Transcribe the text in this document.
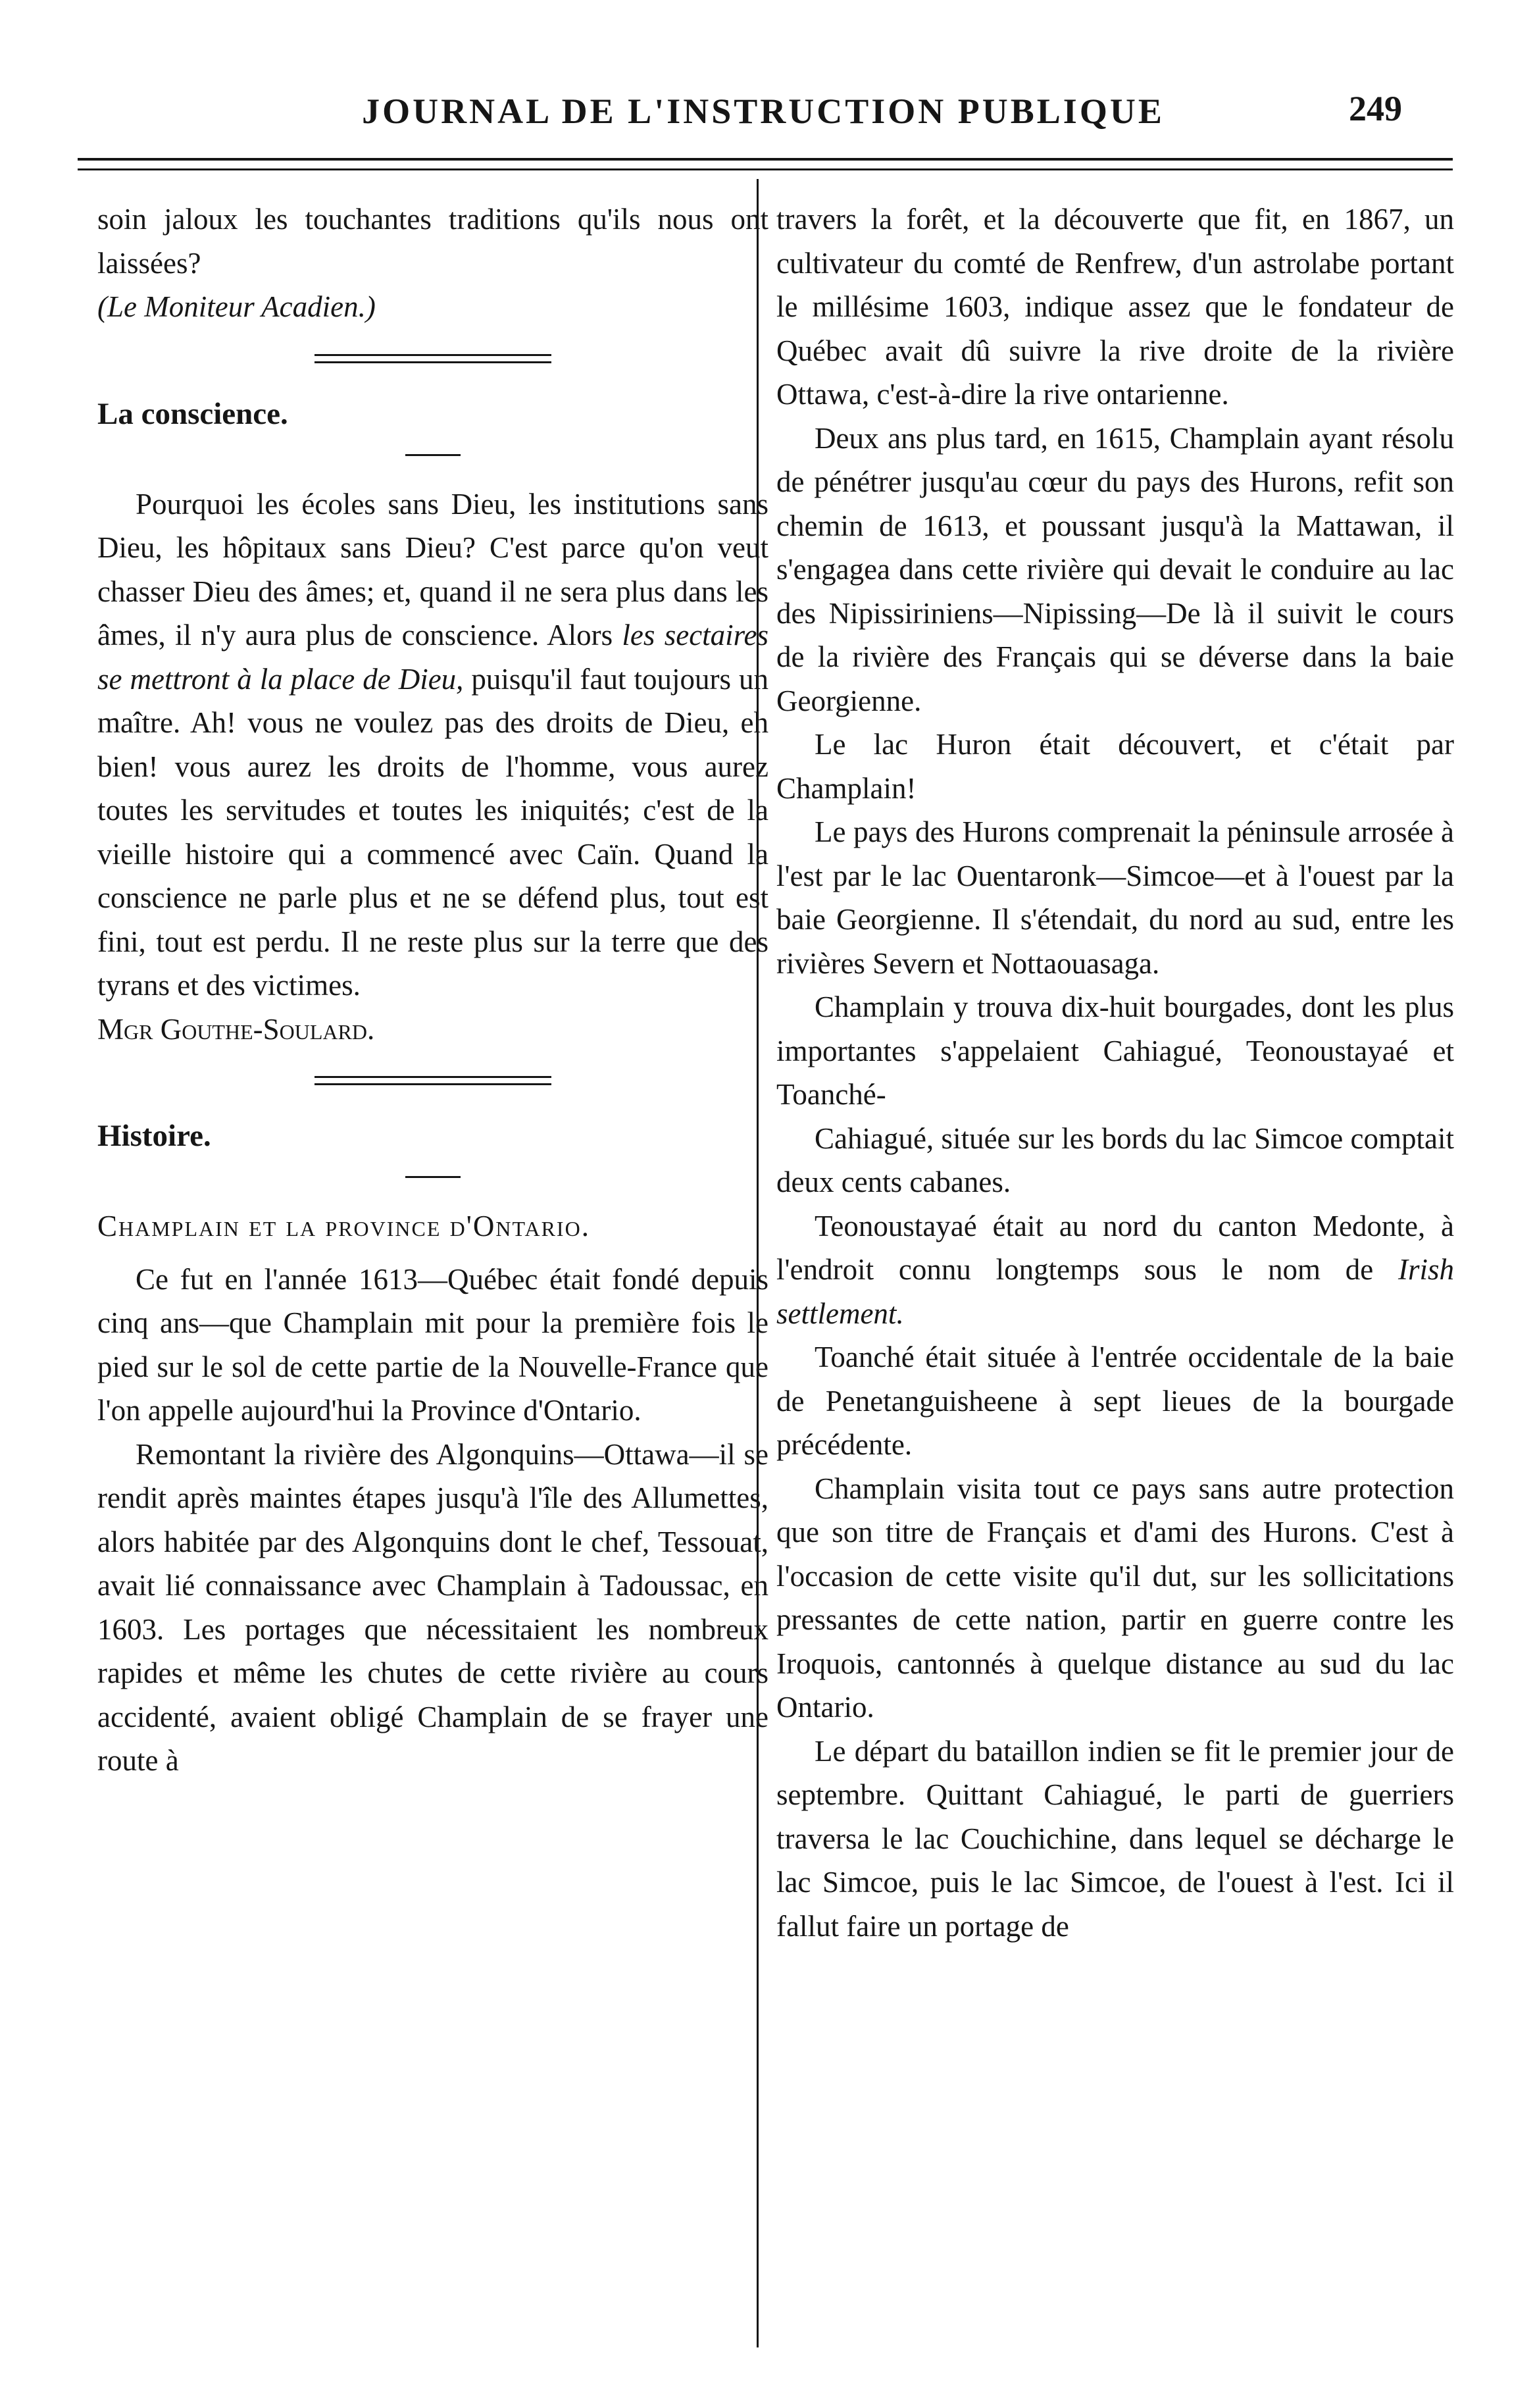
JOURNAL DE L'INSTRUCTION PUBLIQUE	249

soin jaloux les touchantes traditions qu'ils nous ont laissées?

(Le Moniteur Acadien.)

La conscience.

Pourquoi les écoles sans Dieu, les institutions sans Dieu, les hôpitaux sans Dieu? C'est parce qu'on veut chasser Dieu des âmes; et, quand il ne sera plus dans les âmes, il n'y aura plus de conscience. Alors les sectaires se mettront à la place de Dieu, puisqu'il faut toujours un maître. Ah! vous ne voulez pas des droits de Dieu, eh bien! vous aurez les droits de l'homme, vous aurez toutes les servitudes et toutes les iniquités; c'est de la vieille histoire qui a commencé avec Caïn. Quand la conscience ne parle plus et ne se défend plus, tout est fini, tout est perdu. Il ne reste plus sur la terre que des tyrans et des victimes.

Mgr Gouthe-Soulard.

Histoire.

Champlain et la province d'Ontario.

Ce fut en l'année 1613—Québec était fondé depuis cinq ans—que Champlain mit pour la première fois le pied sur le sol de cette partie de la Nouvelle-France que l'on appelle aujourd'hui la Province d'Ontario.

Remontant la rivière des Algonquins—Ottawa—il se rendit après maintes étapes jusqu'à l'île des Allumettes, alors habitée par des Algonquins dont le chef, Tessouat, avait lié connaissance avec Champlain à Tadoussac, en 1603. Les portages que nécessitaient les nombreux rapides et même les chutes de cette rivière au cours accidenté, avaient obligé Champlain de se frayer une route à

travers la forêt, et la découverte que fit, en 1867, un cultivateur du comté de Renfrew, d'un astrolabe portant le millésime 1603, indique assez que le fondateur de Québec avait dû suivre la rive droite de la rivière Ottawa, c'est-à-dire la rive ontarienne.

Deux ans plus tard, en 1615, Champlain ayant résolu de pénétrer jusqu'au cœur du pays des Hurons, refit son chemin de 1613, et poussant jusqu'à la Mattawan, il s'engagea dans cette rivière qui devait le conduire au lac des Nipissiriniens—Nipissing—De là il suivit le cours de la rivière des Français qui se déverse dans la baie Georgienne.

Le lac Huron était découvert, et c'était par Champlain!

Le pays des Hurons comprenait la péninsule arrosée à l'est par le lac Ouentaronk—Simcoe—et à l'ouest par la baie Georgienne. Il s'étendait, du nord au sud, entre les rivières Severn et Nottaouasaga.

Champlain y trouva dix-huit bourgades, dont les plus importantes s'appelaient Cahiagué, Teonoustayaé et Toanché-

Cahiagué, située sur les bords du lac Simcoe comptait deux cents cabanes.

Teonoustayaé était au nord du canton Medonte, à l'endroit connu longtemps sous le nom de Irish settlement.

Toanché était située à l'entrée occidentale de la baie de Penetanguisheene à sept lieues de la bourgade précédente.

Champlain visita tout ce pays sans autre protection que son titre de Français et d'ami des Hurons. C'est à l'occasion de cette visite qu'il dut, sur les sollicitations pressantes de cette nation, partir en guerre contre les Iroquois, cantonnés à quelque distance au sud du lac Ontario.

Le départ du bataillon indien se fit le premier jour de septembre. Quittant Cahiagué, le parti de guerriers traversa le lac Couchichine, dans lequel se décharge le lac Simcoe, puis le lac Simcoe, de l'ouest à l'est. Ici il fallut faire un portage de
